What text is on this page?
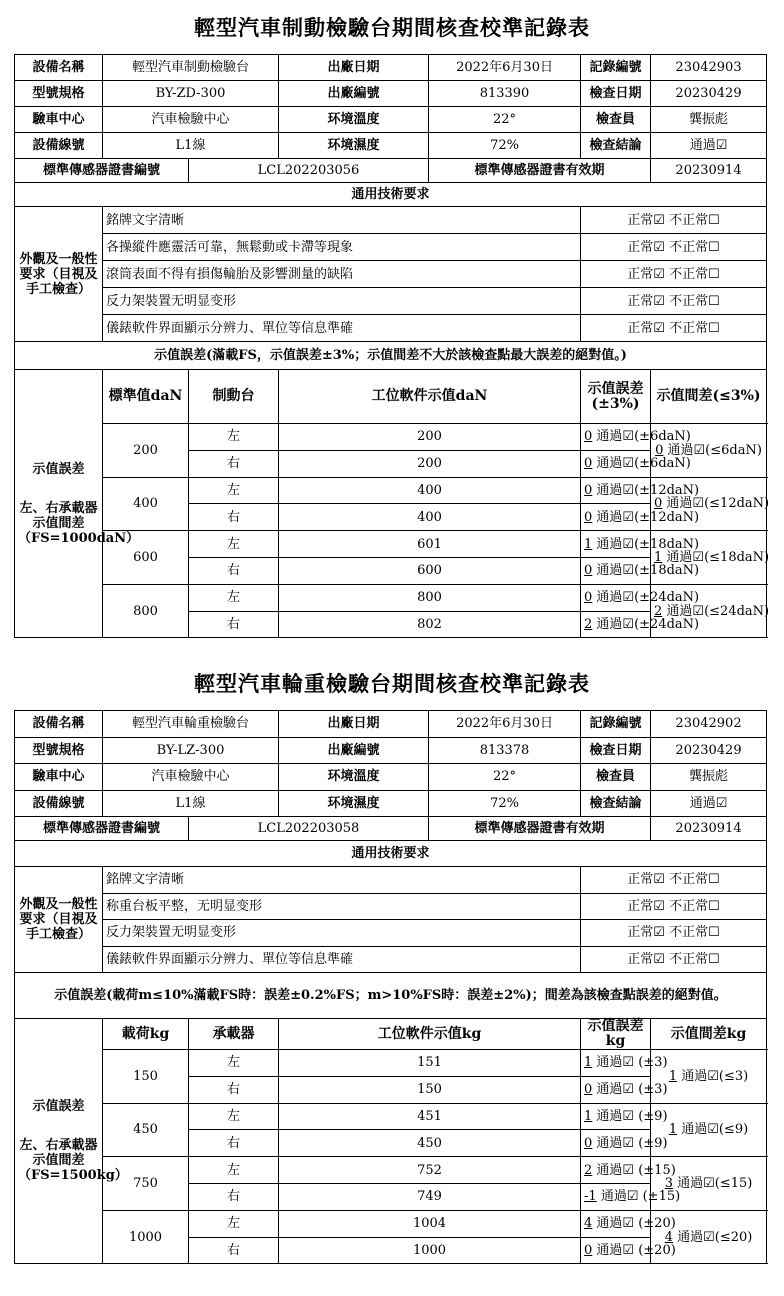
輕型汽車制動檢驗台期間核查校準記錄表
設備名稱	輕型汽車制動檢驗台		出廠日期	2022年6月30日	記錄編號	23042903
型號規格	BY-ZD-300		出廠編號	813390	檢查日期	20230429
驗車中心	汽車檢驗中心		环境溫度	22°	檢查員	龔振彪
設備線號	L1線		环境濕度	72%	檢查結論	通過☑
標準傳感器證書編號		LCL202203056		標準傳感器證書有效期		20230914
通用技術要求						
外觀及一般性要求（目視及手工檢查）	銘牌文字清晰				正常☑ 不正常☐	
	各操縱件應靈活可靠，無鬆動或卡滯等現象				正常☑ 不正常☐	
	滾筒表面不得有損傷輪胎及影響測量的缺陷				正常☑ 不正常☐	
	反力架裝置无明显变形				正常☑ 不正常☐	
	儀錶軟件界面顯示分辨力、單位等信息準確				正常☑ 不正常☐	
示值誤差(滿載FS，示值誤差±3%；示值間差不大於該檢查點最大誤差的絕對值。)						

示值誤差
左、右承載器示值間差（FS=1000daN）	標準值daN	制動台	工位軟件示值daN		示值誤差(±3%)	示值間差(≤3%)
	200	左	200		0 通過☑(±6daN)	0 通過☑(≤6daN)
		右	200		0 通過☑(±6daN)	
	400	左	400		0 通過☑(±12daN)	0 通過☑(≤12daN)
		右	400		0 通過☑(±12daN)	
	600	左	601		1 通過☑(±18daN)	1 通過☑(≤18daN)
		右	600		0 通過☑(±18daN)	
	800	左	800		0 通過☑(±24daN)	2 通過☑(≤24daN)
		右	802		2 通過☑(±24daN)	
輕型汽車輪重檢驗台期間核查校準記錄表
設備名稱	輕型汽車輪重檢驗台		出廠日期	2022年6月30日	記錄編號	23042902
型號規格	BY-LZ-300		出廠編號	813378	檢查日期	20230429
驗車中心	汽車檢驗中心		环境溫度	22°	檢查員	龔振彪
設備線號	L1線		环境濕度	72%	檢查結論	通過☑
標準傳感器證書編號		LCL202203058		標準傳感器證書有效期		20230914
通用技術要求						
外觀及一般性要求（目視及手工檢查）	銘牌文字清晰				正常☑ 不正常☐	
	称重台板平整，无明显变形				正常☑ 不正常☐	
	反力架裝置无明显变形				正常☑ 不正常☐	
	儀錶軟件界面顯示分辨力、單位等信息準確				正常☑ 不正常☐	
示值誤差(載荷m≤10%滿載FS時：誤差±0.2%FS；m>10%FS時：誤差±2%)；間差為該檢查點誤差的絕對值。						

示值誤差
左、右承載器示值間差（FS=1500kg）	載荷kg	承載器	工位軟件示值kg		示值誤差kg	示值間差kg
	150	左	151		1 通過☑ (±3)	1 通過☑(≤3)
		右	150		0 通過☑ (±3)	
	450	左	451		1 通過☑ (±9)	1 通過☑(≤9)
		右	450		0 通過☑ (±9)	
	750	左	752		2 通過☑ (±15)	3 通過☑(≤15)
		右	749		-1 通過☑ (±15)	
	1000	左	1004		4 通過☑ (±20)	4 通過☑(≤20)
		右	1000		0 通過☑ (±20)	
